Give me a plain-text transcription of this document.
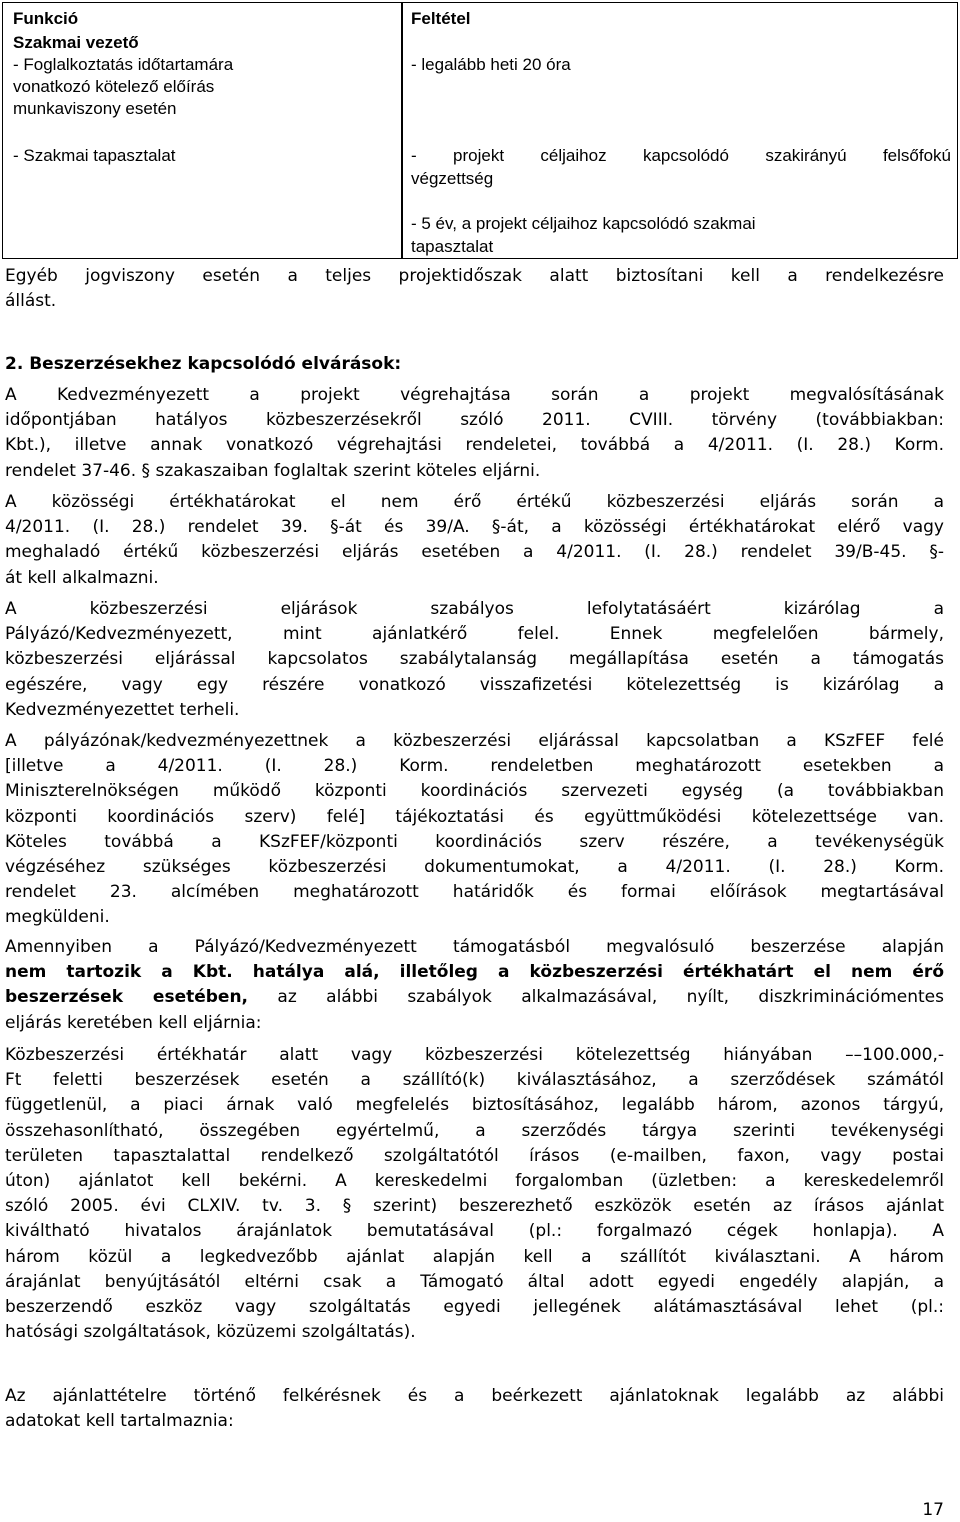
Funkció	Feltétel
Szakmai vezető
- Foglalkoztatás időtartamára
vonatkozó kötelező előírás
munkaviszony esetén
- legalább heti 20 óra
- Szakmai tapasztalat	- projekt céljaihoz kapcsolódó szakirányú felsőfokú
végzettség
- 5 év, a projekt céljaihoz kapcsolódó szakmai
tapasztalat
Egyéb jogviszony esetén a teljes projektidőszak alatt biztosítani kell a rendelkezésre
állást.
2. Beszerzésekhez kapcsolódó elvárások:
A Kedvezményezett a projekt végrehajtása során a projekt megvalósításának
időpontjában hatályos közbeszerzésekről szóló 2011. CVIII. törvény (továbbiakban:
Kbt.), illetve annak vonatkozó végrehajtási rendeletei, továbbá a 4/2011. (I. 28.) Korm.
rendelet 37-46. § szakaszaiban foglaltak szerint köteles eljárni.
A közösségi értékhatárokat el nem érő értékű közbeszerzési eljárás során a
4/2011. (I. 28.) rendelet 39. §-át és 39/A. §-át, a közösségi értékhatárokat elérő vagy
meghaladó értékű közbeszerzési eljárás esetében a 4/2011. (I. 28.) rendelet 39/B-45. §-
át kell alkalmazni.
A közbeszerzési eljárások szabályos lefolytatásáért kizárólag a
Pályázó/Kedvezményezett, mint ajánlatkérő felel. Ennek megfelelően bármely,
közbeszerzési eljárással kapcsolatos szabálytalanság megállapítása esetén a támogatás
egészére, vagy egy részére vonatkozó visszafizetési kötelezettség is kizárólag a
Kedvezményezettet terheli.
A pályázónak/kedvezményezettnek a közbeszerzési eljárással kapcsolatban a KSzFEF felé
[illetve a 4/2011. (I. 28.) Korm. rendeletben meghatározott esetekben a
Miniszterelnökségen működő központi koordinációs szervezeti egység (a továbbiakban
központi koordinációs szerv) felé] tájékoztatási és együttműködési kötelezettsége van.
Köteles továbbá a KSzFEF/központi koordinációs szerv részére, a tevékenységük
végzéséhez szükséges közbeszerzési dokumentumokat, a 4/2011. (I. 28.) Korm.
rendelet 23. alcímében meghatározott határidők és formai előírások megtartásával
megküldeni.
Amennyiben a Pályázó/Kedvezményezett támogatásból megvalósuló beszerzése alapján
nem tartozik a Kbt. hatálya alá, illetőleg a közbeszerzési értékhatárt el nem érő
beszerzések esetében, az alábbi szabályok alkalmazásával, nyílt, diszkriminációmentes
eljárás keretében kell eljárnia:
Közbeszerzési értékhatár alatt vagy közbeszerzési kötelezettség hiányában ––100.000,-
Ft feletti beszerzések esetén a szállító(k) kiválasztásához, a szerződések számától
függetlenül, a piaci árnak való megfelelés biztosításához, legalább három, azonos tárgyú,
összehasonlítható, összegében egyértelmű, a szerződés tárgya szerinti tevékenységi
területen tapasztalattal rendelkező szolgáltatótól írásos (e-mailben, faxon, vagy postai
úton) ajánlatot kell bekérni. A kereskedelmi forgalomban (üzletben: a kereskedelemről
szóló 2005. évi CLXIV. tv. 3. § szerint) beszerezhető eszközök esetén az írásos ajánlat
kiváltható hivatalos árajánlatok bemutatásával (pl.: forgalmazó cégek honlapja). A
három közül a legkedvezőbb ajánlat alapján kell a szállítót kiválasztani. A három
árajánlat benyújtásától eltérni csak a Támogató által adott egyedi engedély alapján, a
beszerzendő eszköz vagy szolgáltatás egyedi jellegének alátámasztásával lehet (pl.:
hatósági szolgáltatások, közüzemi szolgáltatás).
Az ajánlattételre történő felkérésnek és a beérkezett ajánlatoknak legalább az alábbi
adatokat kell tartalmaznia:
17
